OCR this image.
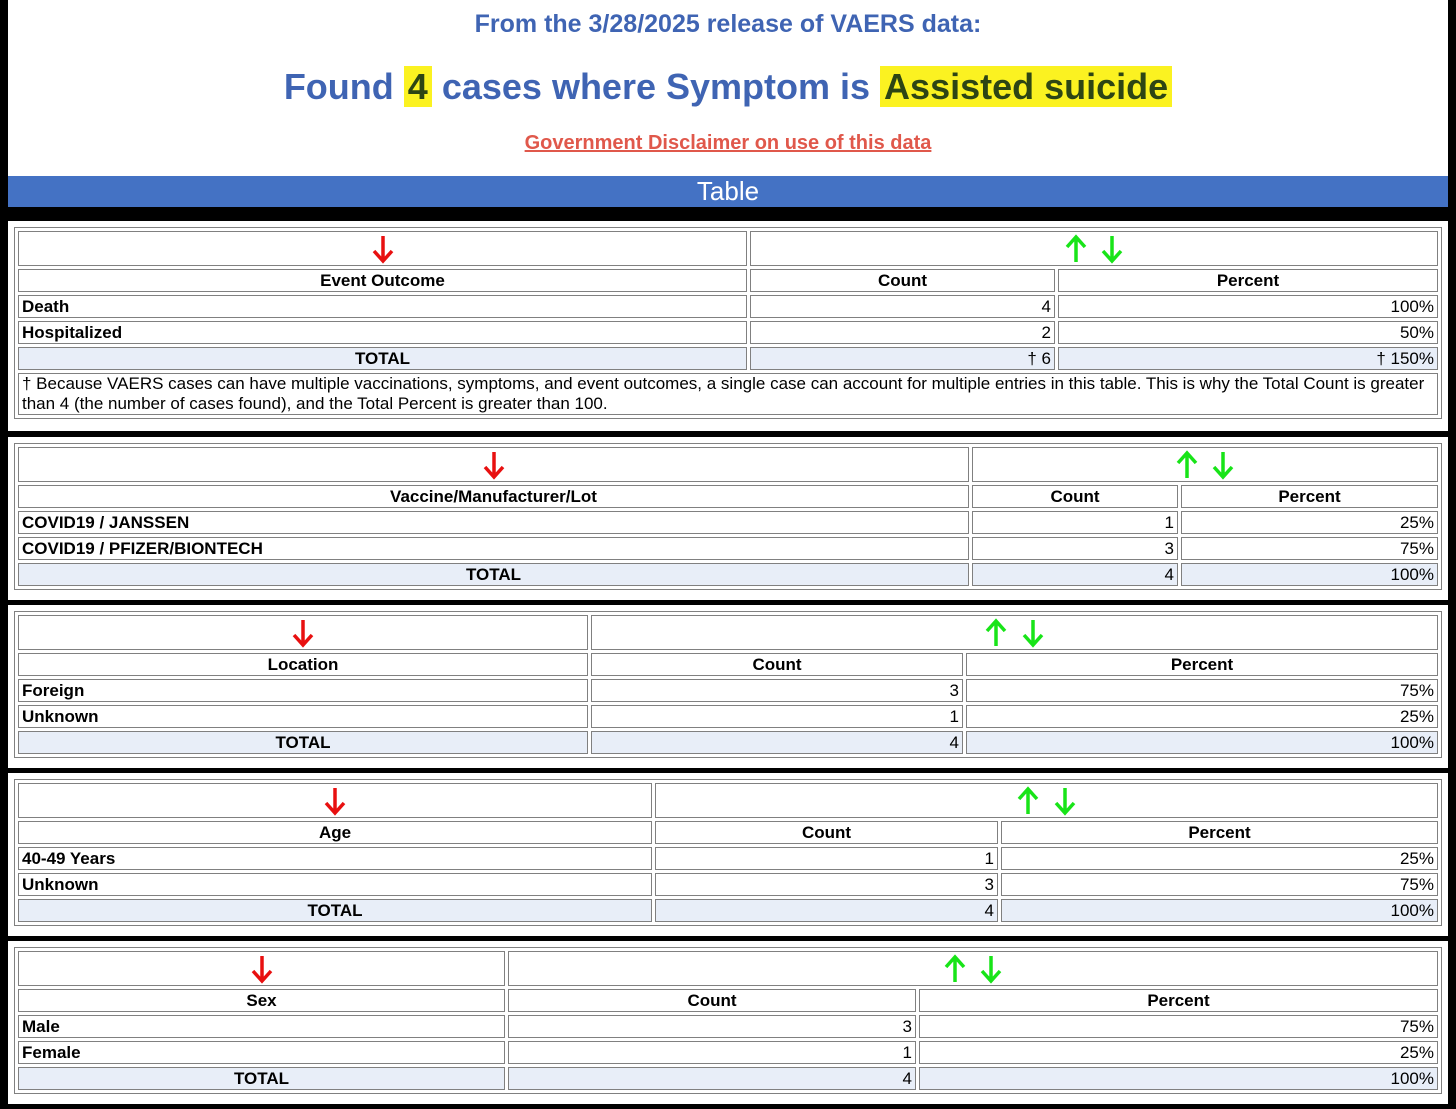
From the 3/28/2025 release of VAERS data:
Found 4 cases where Symptom is Assisted suicide
Government Disclaimer on use of this data
Table

Event Outcome	Count	Percent
Death	4	100%
Hospitalized	2	50%
TOTAL	† 6	† 150%
† Because VAERS cases can have multiple vaccinations, symptoms, and event outcomes, a single case can account for multiple entries in this table. This is why the Total Count is greater than 4 (the number of cases found), and the Total Percent is greater than 100.		

Vaccine/Manufacturer/Lot	Count	Percent
COVID19 / JANSSEN	1	25%
COVID19 / PFIZER/BIONTECH	3	75%
TOTAL	4	100%

Location	Count	Percent
Foreign	3	75%
Unknown	1	25%
TOTAL	4	100%

Age	Count	Percent
40-49 Years	1	25%
Unknown	3	75%
TOTAL	4	100%

Sex	Count	Percent
Male	3	75%
Female	1	25%
TOTAL	4	100%
